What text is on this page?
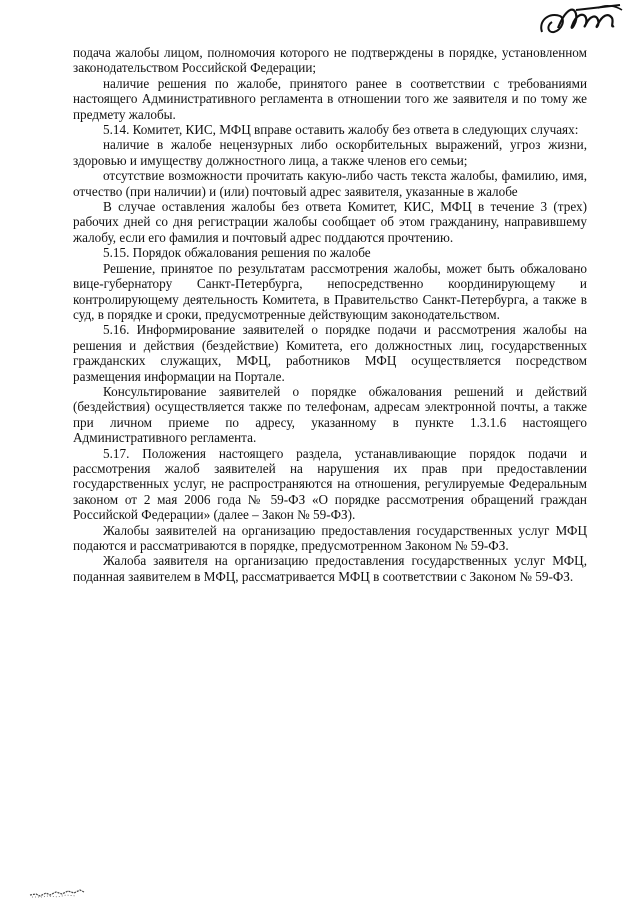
подача жалобы лицом, полномочия которого не подтверждены в порядке, установленном законодательством Российской Федерации;

наличие решения по жалобе, принятого ранее в соответствии с требованиями настоящего Административного регламента в отношении того же заявителя и по тому же предмету жалобы.

5.14. Комитет, КИС, МФЦ вправе оставить жалобу без ответа в следующих случаях:

наличие в жалобе нецензурных либо оскорбительных выражений, угроз жизни, здоровью и имуществу должностного лица, а также членов его семьи;

отсутствие возможности прочитать какую-либо часть текста жалобы, фамилию, имя, отчество (при наличии) и (или) почтовый адрес заявителя, указанные в жалобе

В случае оставления жалобы без ответа Комитет, КИС, МФЦ в течение 3 (трех) рабочих дней со дня регистрации жалобы сообщает об этом гражданину, направившему жалобу, если его фамилия и почтовый адрес поддаются прочтению.

5.15. Порядок обжалования решения по жалобе

Решение, принятое по результатам рассмотрения жалобы, может быть обжаловано вице-губернатору Санкт-Петербурга, непосредственно координирующему и контролирующему деятельность Комитета, в Правительство Санкт-Петербурга, а также в суд, в порядке и сроки, предусмотренные действующим законодательством.

5.16. Информирование заявителей о порядке подачи и рассмотрения жалобы на решения и действия (бездействие) Комитета, его должностных лиц, государственных гражданских служащих, МФЦ, работников МФЦ осуществляется посредством размещения информации на Портале.

Консультирование заявителей о порядке обжалования решений и действий (бездействия) осуществляется также по телефонам, адресам электронной почты, а также при личном приеме по адресу, указанному в пункте 1.3.1.6 настоящего Административного регламента.

5.17. Положения настоящего раздела, устанавливающие порядок подачи и рассмотрения жалоб заявителей на нарушения их прав при предоставлении государственных услуг, не распространяются на отношения, регулируемые Федеральным законом от 2 мая 2006 года № 59-ФЗ «О порядке рассмотрения обращений граждан Российской Федерации» (далее – Закон № 59-ФЗ).

Жалобы заявителей на организацию предоставления государственных услуг МФЦ подаются и рассматриваются в порядке, предусмотренном Законом № 59-ФЗ.

Жалоба заявителя на организацию предоставления государственных услуг МФЦ, поданная заявителем в МФЦ, рассматривается МФЦ в соответствии с Законом № 59-ФЗ.
